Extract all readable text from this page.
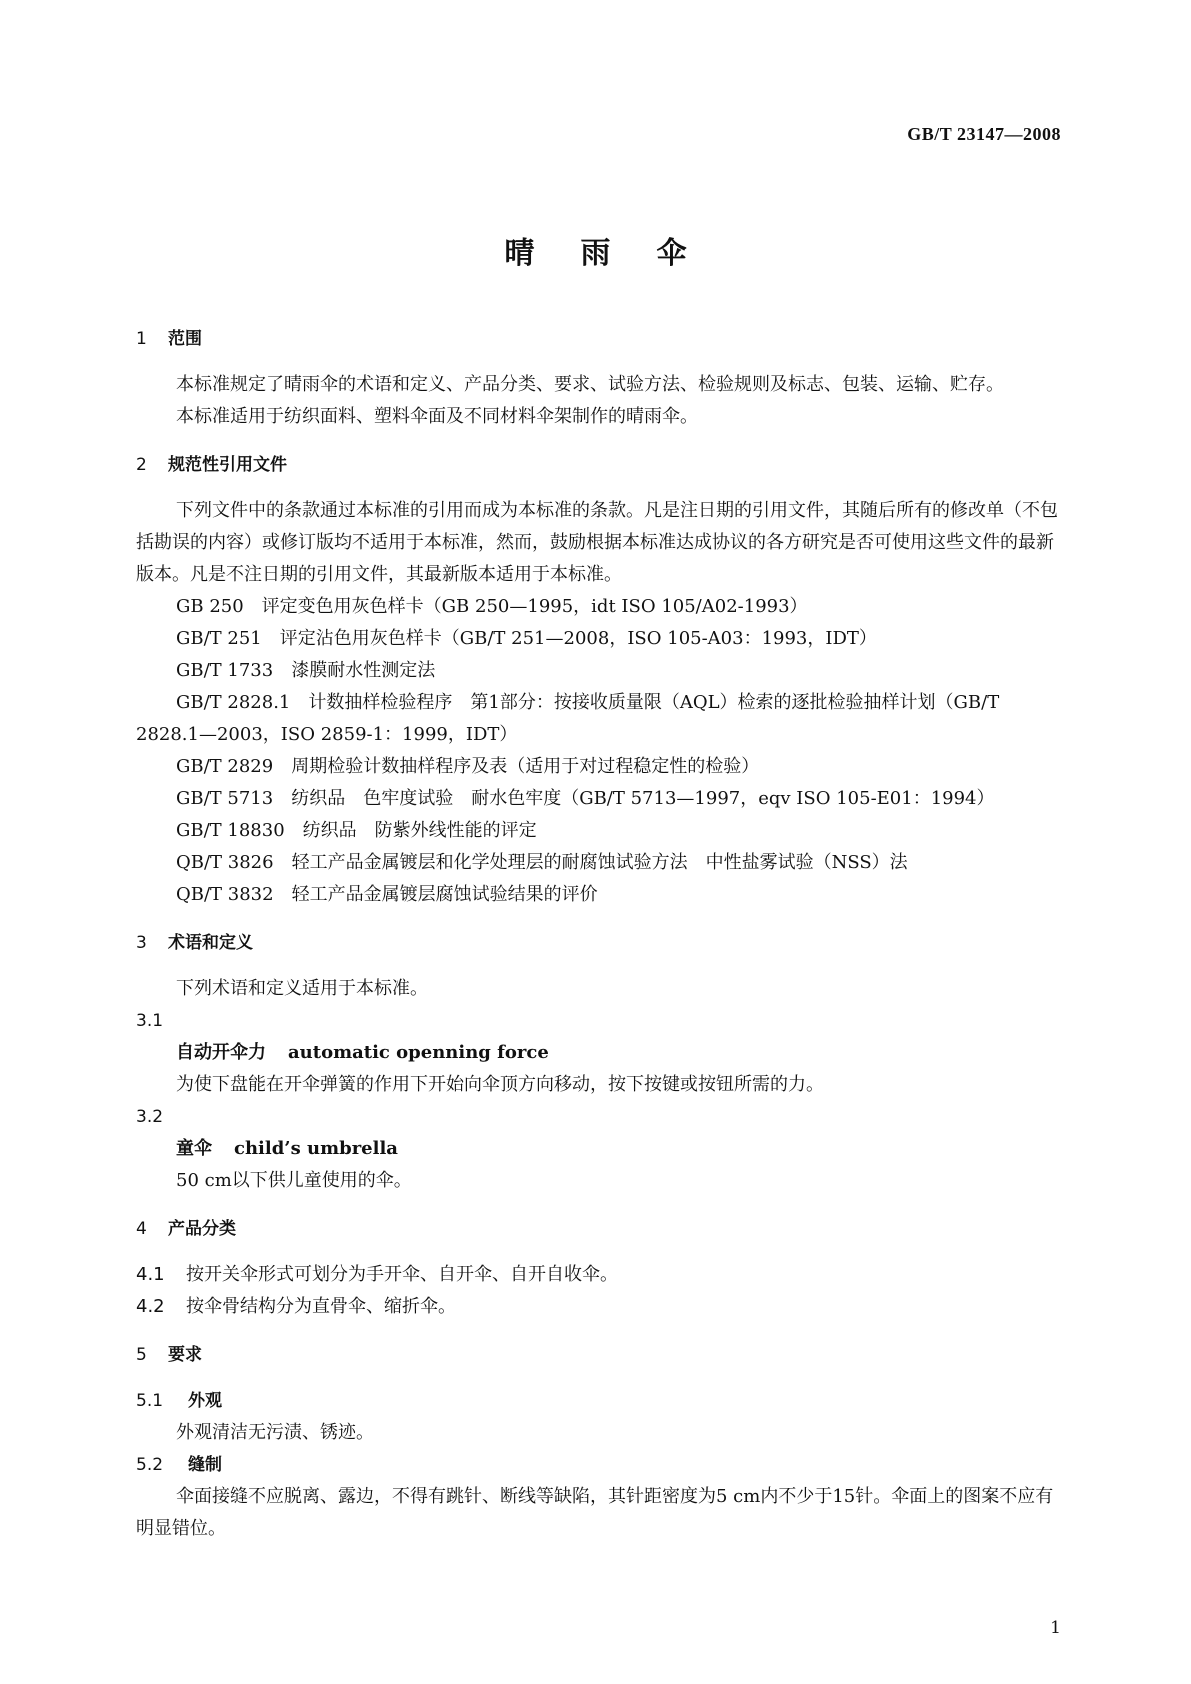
GB/T 23147—2008
晴雨伞

1 范围

本标准规定了晴雨伞的术语和定义、产品分类、要求、试验方法、检验规则及标志、包装、运输、贮存。

本标准适用于纺织面料、塑料伞面及不同材料伞架制作的晴雨伞。

2 规范性引用文件

下列文件中的条款通过本标准的引用而成为本标准的条款。凡是注日期的引用文件，其随后所有的修改单（不包括勘误的内容）或修订版均不适用于本标准，然而，鼓励根据本标准达成协议的各方研究是否可使用这些文件的最新版本。凡是不注日期的引用文件，其最新版本适用于本标准。

GB 250　评定变色用灰色样卡（GB 250—1995，idt ISO 105/A02-1993）

GB/T 251　评定沾色用灰色样卡（GB/T 251—2008，ISO 105-A03：1993，IDT）

GB/T 1733　漆膜耐水性测定法

GB/T 2828.1　计数抽样检验程序　第1部分：按接收质量限（AQL）检索的逐批检验抽样计划（GB/T 2828.1—2003，ISO 2859-1：1999，IDT）

GB/T 2829　周期检验计数抽样程序及表（适用于对过程稳定性的检验）

GB/T 5713　纺织品　色牢度试验　耐水色牢度（GB/T 5713—1997，eqv ISO 105-E01：1994）

GB/T 18830　纺织品　防紫外线性能的评定

QB/T 3826　轻工产品金属镀层和化学处理层的耐腐蚀试验方法　中性盐雾试验（NSS）法

QB/T 3832　轻工产品金属镀层腐蚀试验结果的评价

3 术语和定义

下列术语和定义适用于本标准。

3.1

自动开伞力 automatic openning force

为使下盘能在开伞弹簧的作用下开始向伞顶方向移动，按下按键或按钮所需的力。

3.2

童伞 child’s umbrella

50 cm以下供儿童使用的伞。

4 产品分类

4.1 按开关伞形式可划分为手开伞、自开伞、自开自收伞。

4.2 按伞骨结构分为直骨伞、缩折伞。

5 要求

5.1 外观

外观清洁无污渍、锈迹。

5.2 缝制

伞面接缝不应脱离、露边，不得有跳针、断线等缺陷，其针距密度为5 cm内不少于15针。伞面上的图案不应有明显错位。

1
